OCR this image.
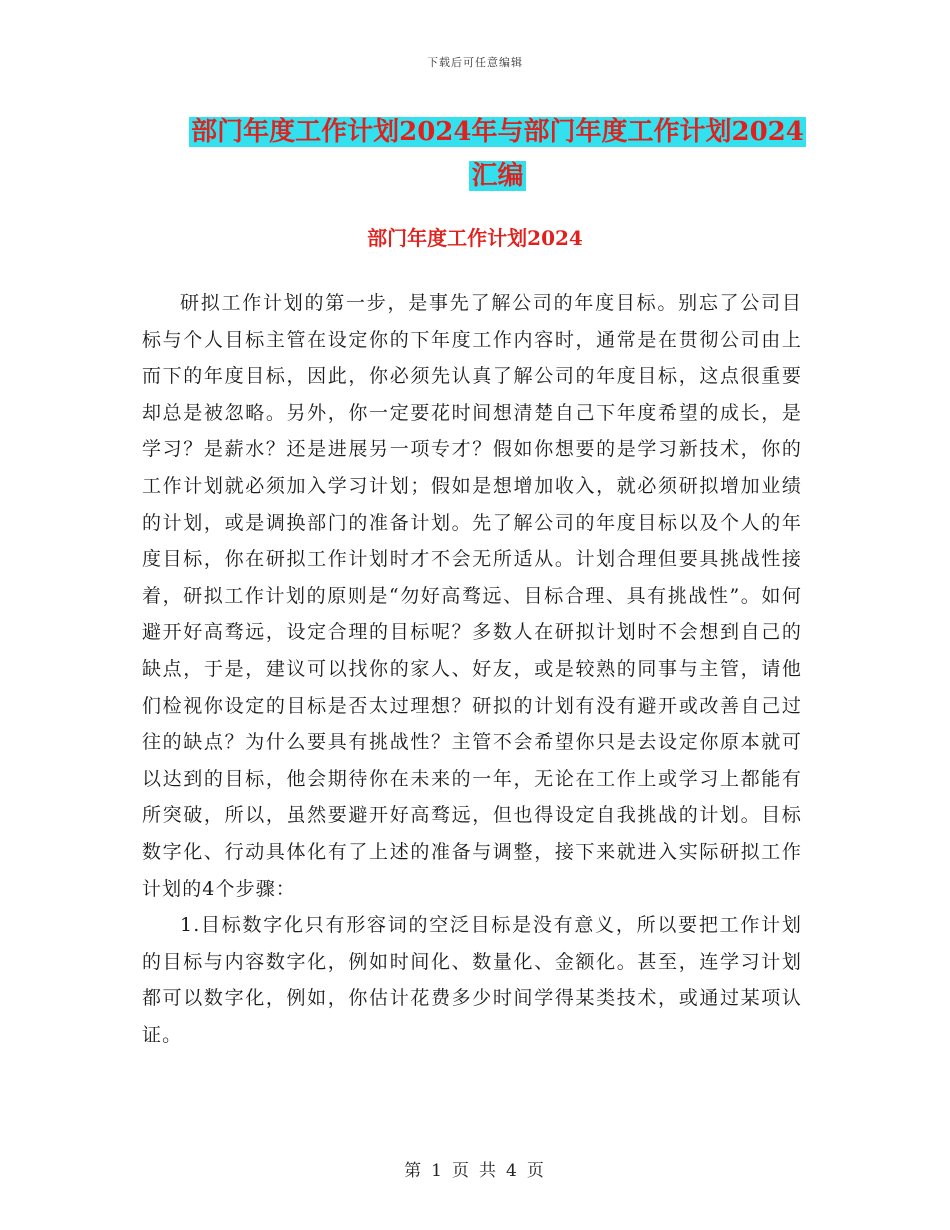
下载后可任意编辑
部门年度工作计划2024年与部门年度工作计划2024
汇编
部门年度工作计划2024

研拟工作计划的第一步，是事先了解公司的年度目标。别忘了公司目标与个人目标主管在设定你的下年度工作内容时，通常是在贯彻公司由上而下的年度目标，因此，你必须先认真了解公司的年度目标，这点很重要却总是被忽略。另外，你一定要花时间想清楚自己下年度希望的成长，是学习？是薪水？还是进展另一项专才？假如你想要的是学习新技术，你的工作计划就必须加入学习计划；假如是想增加收入，就必须研拟增加业绩的计划，或是调换部门的准备计划。先了解公司的年度目标以及个人的年度目标，你在研拟工作计划时才不会无所适从。计划合理但要具挑战性接着，研拟工作计划的原则是“勿好高骛远、目标合理、具有挑战性”。如何避开好高骛远，设定合理的目标呢？多数人在研拟计划时不会想到自己的缺点，于是，建议可以找你的家人、好友，或是较熟的同事与主管，请他们检视你设定的目标是否太过理想？研拟的计划有没有避开或改善自己过往的缺点？为什么要具有挑战性？主管不会希望你只是去设定你原本就可以达到的目标，他会期待你在未来的一年，无论在工作上或学习上都能有所突破，所以，虽然要避开好高骛远，但也得设定自我挑战的计划。目标数字化、行动具体化有了上述的准备与调整，接下来就进入实际研拟工作计划的4个步骤：

1.目标数字化只有形容词的空泛目标是没有意义，所以要把工作计划的目标与内容数字化，例如时间化、数量化、金额化。甚至，连学习计划都可以数字化，例如，你估计花费多少时间学得某类技术，或通过某项认证。

第 1 页 共 4 页
